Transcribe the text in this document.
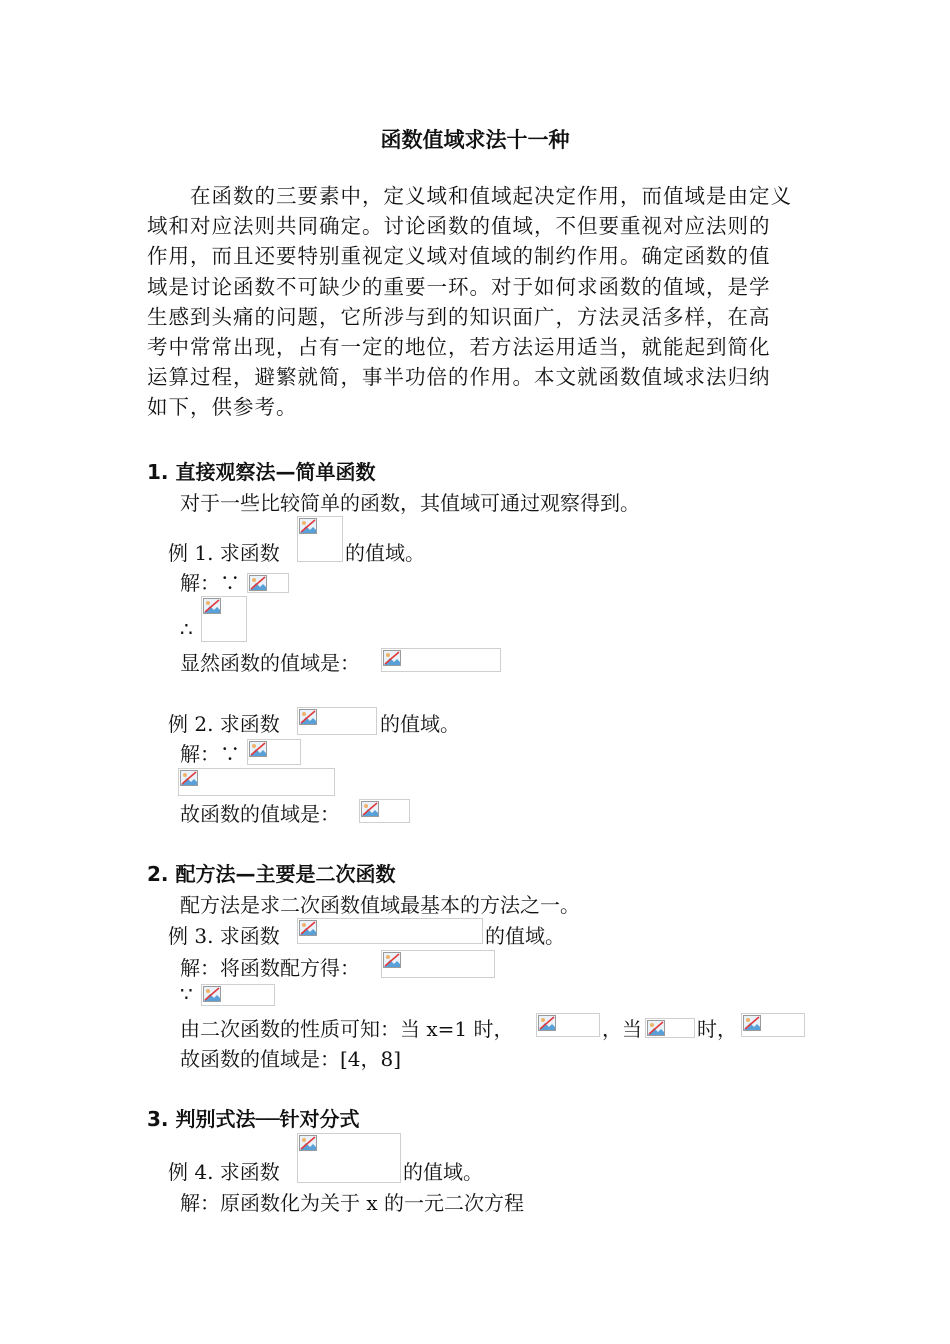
函数值域求法十一种
　　在函数的三要素中，定义域和值域起决定作用，而值域是由定义
域和对应法则共同确定。讨论函数的值域，不但要重视对应法则的
作用，而且还要特别重视定义域对值域的制约作用。确定函数的值
域是讨论函数不可缺少的重要一环。对于如何求函数的值域，是学
生感到头痛的问题，它所涉与到的知识面广，方法灵活多样，在高
考中常常出现，占有一定的地位，若方法运用适当，就能起到简化
运算过程，避繁就简，事半功倍的作用。本文就函数值域求法归纳
如下，供参考。
1. 直接观察法—简单函数
对于一些比较简单的函数，其值域可通过观察得到。
例 1. 求函数	的值域。
解：∵
∴
显然函数的值域是：
例 2. 求函数	的值域。
解：∵
故函数的值域是：
2. 配方法—主要是二次函数
配方法是求二次函数值域最基本的方法之一。
例 3. 求函数	的值域。
解：将函数配方得：
∵
由二次函数的性质可知：当 x=1 时，	，当	时，
故函数的值域是：[4，8]
3. 判别式法──针对分式
例 4. 求函数	的值域。
解：原函数化为关于 x 的一元二次方程
